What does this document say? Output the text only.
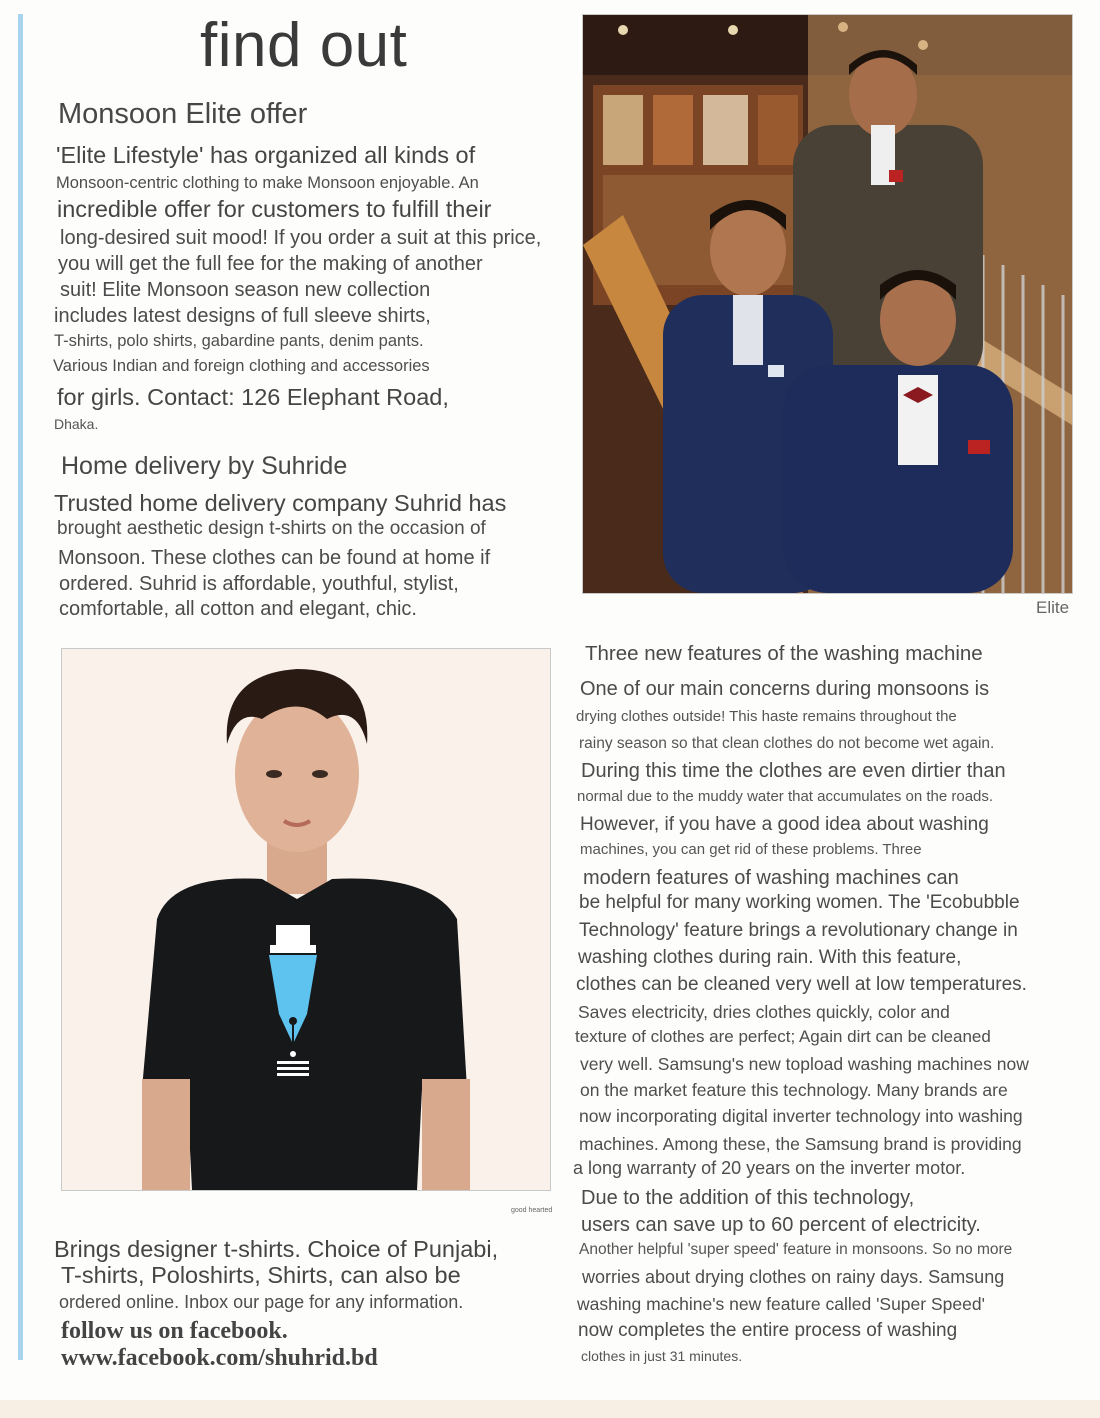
find out
Monsoon Elite offer
'Elite Lifestyle' has organized all kinds of
Monsoon-centric clothing to make Monsoon enjoyable. An
incredible offer for customers to fulfill their
long-desired suit mood! If you order a suit at this price,
you will get the full fee for the making of another
suit! Elite Monsoon season new collection
includes latest designs of full sleeve shirts,
T-shirts, polo shirts, gabardine pants, denim pants.
Various Indian and foreign clothing and accessories
for girls. Contact: 126 Elephant Road,
Dhaka.
Home delivery by Suhride
Trusted home delivery company Suhrid has
brought aesthetic design t-shirts on the occasion of
Monsoon. These clothes can be found at home if
ordered. Suhrid is affordable, youthful, stylist,
comfortable, all cotton and elegant, chic.	Elite
good hearted
Brings designer t-shirts. Choice of Punjabi,
T-shirts, Poloshirts, Shirts, can also be
ordered online. Inbox our page for any information.

follow us on facebook.

www.facebook.com/shuhrid.bd

Three new features of the washing machine
One of our main concerns during monsoons is
drying clothes outside! This haste remains throughout the
rainy season so that clean clothes do not become wet again.
During this time the clothes are even dirtier than
normal due to the muddy water that accumulates on the roads.
However, if you have a good idea about washing
machines, you can get rid of these problems. Three
modern features of washing machines can
be helpful for many working women. The 'Ecobubble
Technology' feature brings a revolutionary change in
washing clothes during rain. With this feature,
clothes can be cleaned very well at low temperatures.
Saves electricity, dries clothes quickly, color and
texture of clothes are perfect; Again dirt can be cleaned
very well. Samsung's new topload washing machines now
on the market feature this technology. Many brands are
now incorporating digital inverter technology into washing
machines. Among these, the Samsung brand is providing
a long warranty of 20 years on the inverter motor.
Due to the addition of this technology,
users can save up to 60 percent of electricity.
Another helpful 'super speed' feature in monsoons. So no more
worries about drying clothes on rainy days. Samsung
washing machine's new feature called 'Super Speed'
now completes the entire process of washing
clothes in just 31 minutes.
